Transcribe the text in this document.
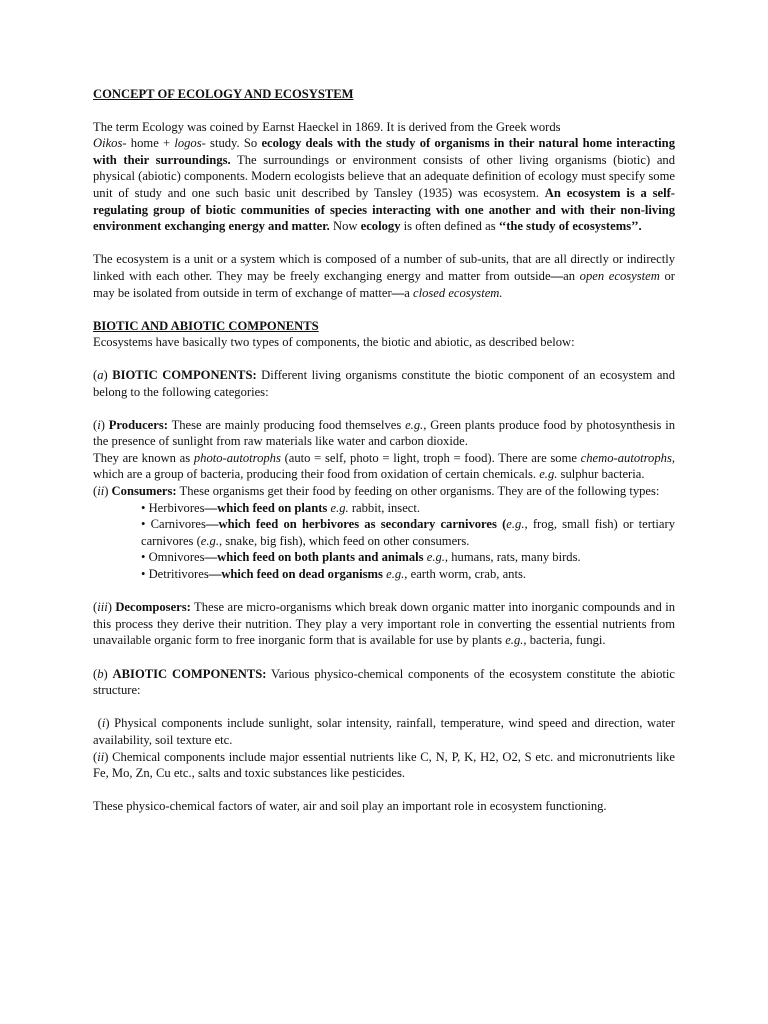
CONCEPT OF ECOLOGY AND ECOSYSTEM

The term Ecology was coined by Earnst Haeckel in 1869. It is derived from the Greek words
Oikos- home + logos- study. So ecology deals with the study of organisms in their natural home interacting with their surroundings. The surroundings or environment consists of other living organisms (biotic) and physical (abiotic) components. Modern ecologists believe that an adequate definition of ecology must specify some unit of study and one such basic unit described by Tansley (1935) was ecosystem. An ecosystem is a self-regulating group of biotic communities of species interacting with one another and with their non-living environment exchanging energy and matter. Now ecology is often defined as ‘‘the study of ecosystems’’.

The ecosystem is a unit or a system which is composed of a number of sub-units, that are all directly or indirectly linked with each other. They may be freely exchanging energy and matter from outside—an open ecosystem or may be isolated from outside in term of exchange of matter—a closed ecosystem.

BIOTIC AND ABIOTIC COMPONENTS

Ecosystems have basically two types of components, the biotic and abiotic, as described below:

(a) BIOTIC COMPONENTS: Different living organisms constitute the biotic component of an ecosystem and belong to the following categories:

(i) Producers: These are mainly producing food themselves e.g., Green plants produce food by photosynthesis in the presence of sunlight from raw materials like water and carbon dioxide.

They are known as photo-autotrophs (auto = self, photo = light, troph = food). There are some chemo-autotrophs, which are a group of bacteria, producing their food from oxidation of certain chemicals. e.g. sulphur bacteria.

(ii) Consumers: These organisms get their food by feeding on other organisms. They are of the following types:

• Herbivores—which feed on plants e.g. rabbit, insect.

• Carnivores—which feed on herbivores as secondary carnivores (e.g., frog, small fish) or tertiary carnivores (e.g., snake, big fish), which feed on other consumers.

• Omnivores—which feed on both plants and animals e.g., humans, rats, many birds.

• Detritivores—which feed on dead organisms e.g., earth worm, crab, ants.

(iii) Decomposers: These are micro-organisms which break down organic matter into inorganic compounds and in this process they derive their nutrition. They play a very important role in converting the essential nutrients from unavailable organic form to free inorganic form that is available for use by plants e.g., bacteria, fungi.

(b) ABIOTIC COMPONENTS: Various physico-chemical components of the ecosystem constitute the abiotic structure:

(i) Physical components include sunlight, solar intensity, rainfall, temperature, wind speed and direction, water availability, soil texture etc.

(ii) Chemical components include major essential nutrients like C, N, P, K, H2, O2, S etc. and micronutrients like Fe, Mo, Zn, Cu etc., salts and toxic substances like pesticides.

These physico-chemical factors of water, air and soil play an important role in ecosystem functioning.
